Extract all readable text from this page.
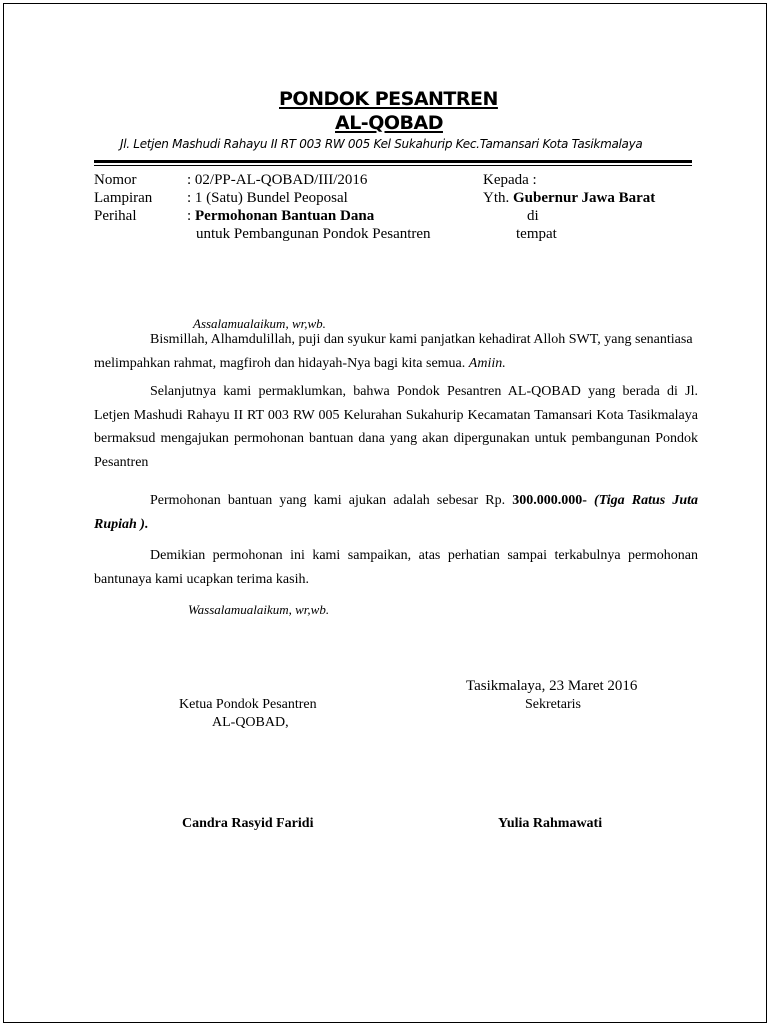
PONDOK PESANTREN
AL-QOBAD
Jl. Letjen Mashudi Rahayu II RT 003 RW 005 Kel Sukahurip Kec.Tamansari Kota Tasikmalaya
Nomor	: 02/PP-AL-QOBAD/III/2016
Lampiran : 1 (Satu) Bundel Peoposal
Perihal	: Permohonan Bantuan Dana
untuk Pembangunan Pondok Pesantren
Kepada :
Yth. Gubernur Jawa Barat
di
tempat
Assalamualaikum, wr,wb.
Bismillah, Alhamdulillah, puji dan syukur kami panjatkan kehadirat Alloh SWT, yang senantiasa
melimpahkan rahmat, magfiroh dan hidayah-Nya bagi kita semua. Amiin.
Selanjutnya kami permaklumkan, bahwa Pondok Pesantren AL-QOBAD yang berada di Jl. Letjen Mashudi Rahayu II RT 003 RW 005 Kelurahan Sukahurip Kecamatan Tamansari Kota Tasikmalaya bermaksud mengajukan permohonan bantuan dana yang akan dipergunakan untuk pembangunan Pondok Pesantren
Permohonan bantuan yang kami ajukan adalah sebesar Rp. 300.000.000- (Tiga Ratus Juta Rupiah ).
Demikian permohonan ini kami sampaikan, atas perhatian sampai terkabulnya permohonan bantunaya kami ucapkan terima kasih.
Wassalamualaikum, wr,wb.
Tasikmalaya, 23 Maret 2016
Ketua Pondok Pesantren
AL-QOBAD,
Sekretaris
Candra Rasyid Faridi	Yulia Rahmawati
